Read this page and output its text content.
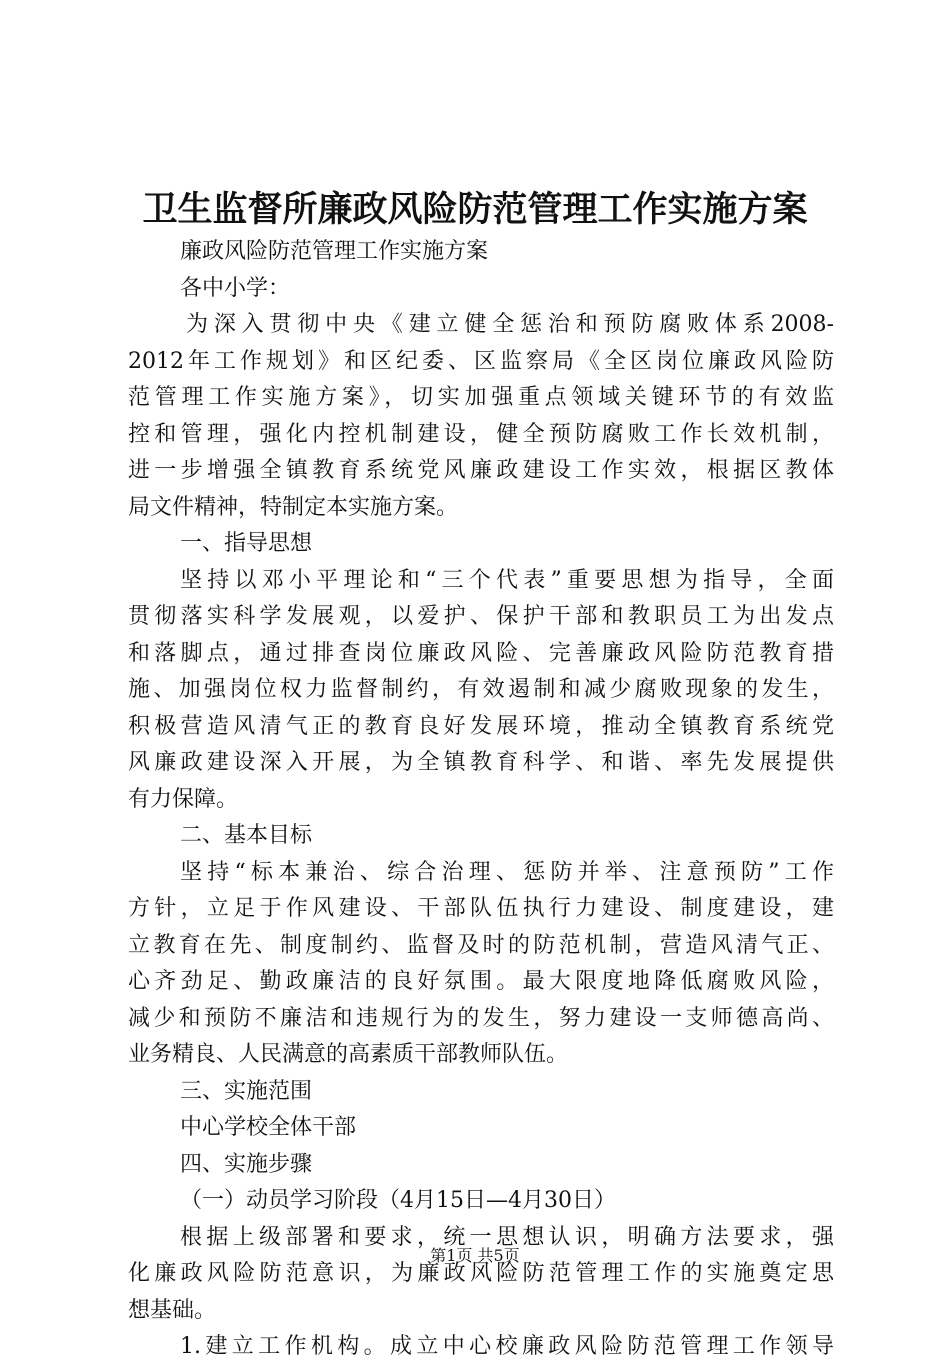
卫生监督所廉政风险防范管理工作实施方案

廉政风险防范管理工作实施方案

各中小学：

为深入贯彻中央《建立健全惩治和预防腐败体系2008-

2012年工作规划》和区纪委、区监察局《全区岗位廉政风险防

范管理工作实施方案》，切实加强重点领域关键环节的有效监

控和管理，强化内控机制建设，健全预防腐败工作长效机制，

进一步增强全镇教育系统党风廉政建设工作实效，根据区教体

局文件精神，特制定本实施方案。

一、指导思想

坚持以邓小平理论和“三个代表”重要思想为指导，全面

贯彻落实科学发展观，以爱护、保护干部和教职员工为出发点

和落脚点，通过排查岗位廉政风险、完善廉政风险防范教育措

施、加强岗位权力监督制约，有效遏制和减少腐败现象的发生，

积极营造风清气正的教育良好发展环境，推动全镇教育系统党

风廉政建设深入开展，为全镇教育科学、和谐、率先发展提供

有力保障。

二、基本目标

坚持“标本兼治、综合治理、惩防并举、注意预防”工作

方针，立足于作风建设、干部队伍执行力建设、制度建设，建

立教育在先、制度制约、监督及时的防范机制，营造风清气正、

心齐劲足、勤政廉洁的良好氛围。最大限度地降低腐败风险，

减少和预防不廉洁和违规行为的发生，努力建设一支师德高尚、

业务精良、人民满意的高素质干部教师队伍。

三、实施范围

中心学校全体干部

四、实施步骤

（一）动员学习阶段（4月15日—4月30日）

根据上级部署和要求，统一思想认识，明确方法要求，强

化廉政风险防范意识，为廉政风险防范管理工作的实施奠定思

想基础。

1.建立工作机构。成立中心校廉政风险防范管理工作领导

第1页 共5页
